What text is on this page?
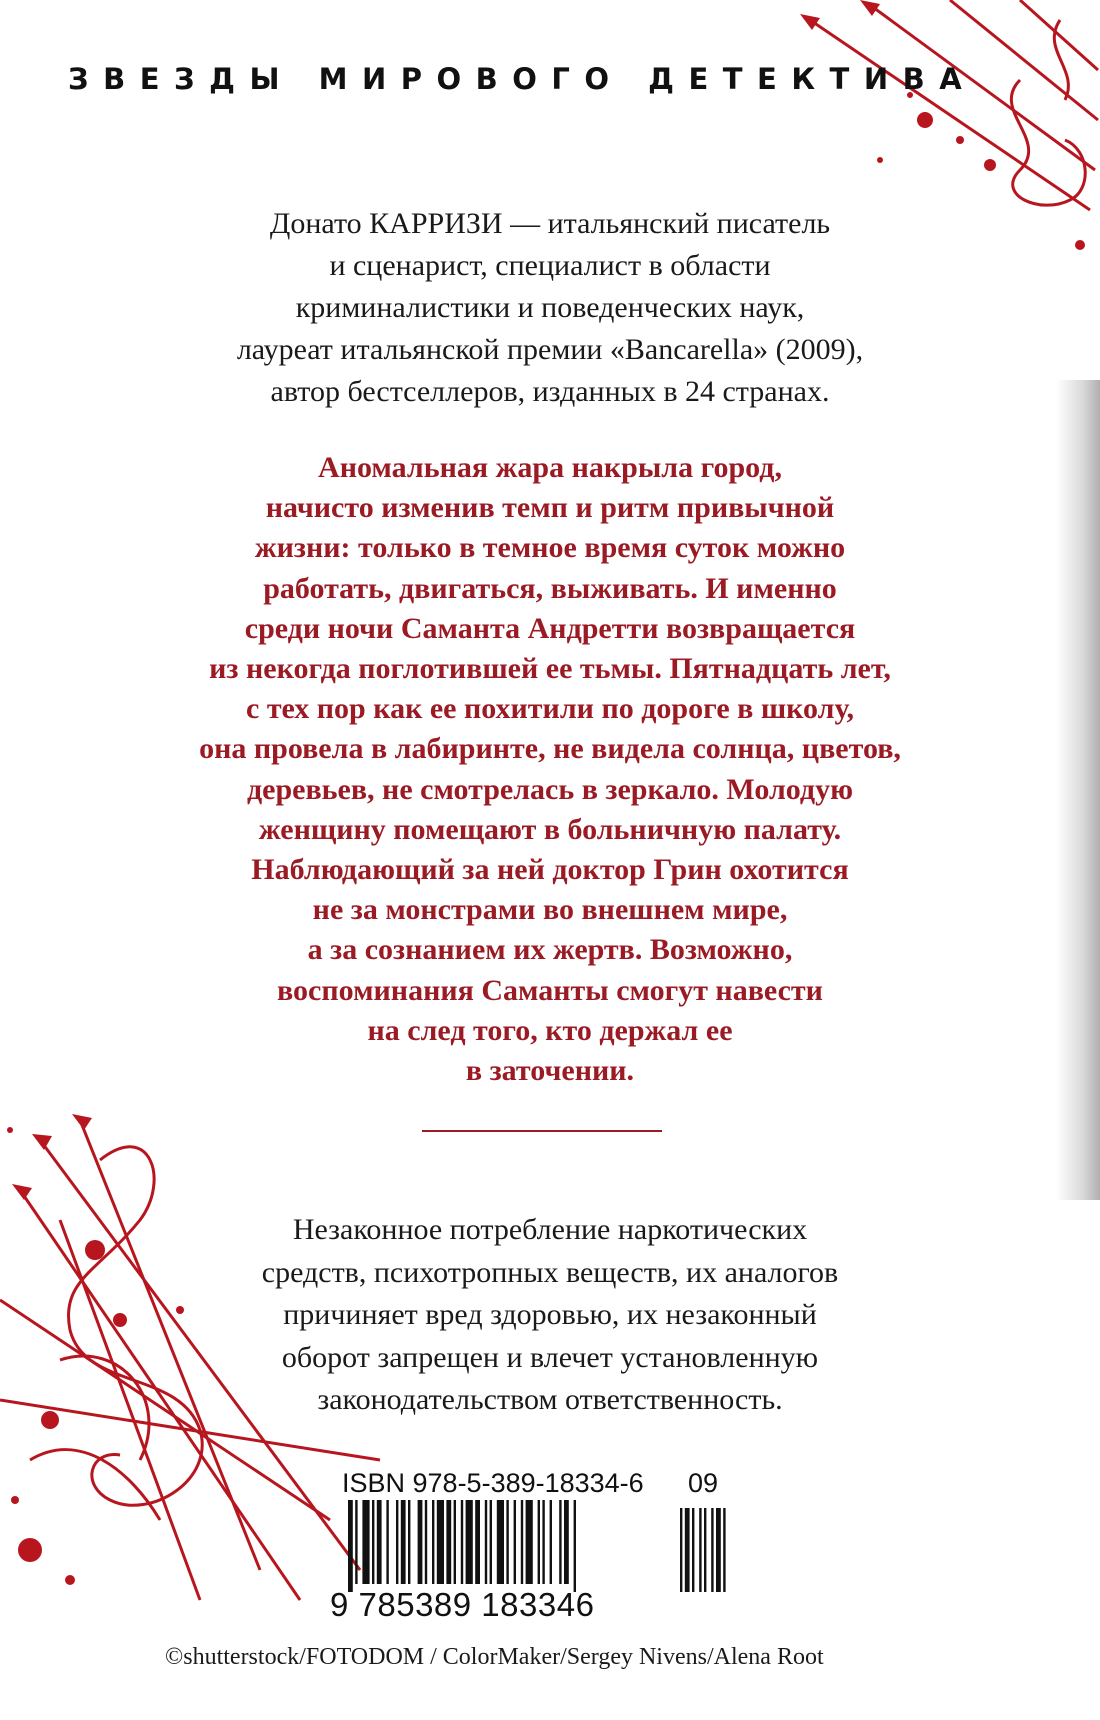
ЗВЕЗДЫ МИРОВОГО ДЕТЕКТИВА
Донато КАРРИЗИ — итальянский писатель
и сценарист, специалист в области
криминалистики и поведенческих наук,
лауреат итальянской премии «Bancarella» (2009),
автор бестселлеров, изданных в 24 странах.
Аномальная жара накрыла город,
начисто изменив темп и ритм привычной
жизни: только в темное время суток можно
работать, двигаться, выживать. И именно
среди ночи Саманта Андретти возвращается
из некогда поглотившей ее тьмы. Пятнадцать лет,
с тех пор как ее похитили по дороге в школу,
она провела в лабиринте, не видела солнца, цветов,
деревьев, не смотрелась в зеркало. Молодую
женщину помещают в больничную палату.
Наблюдающий за ней доктор Грин охотится
не за монстрами во внешнем мире,
а за сознанием их жертв. Возможно,
воспоминания Саманты смогут навести
на след того, кто держал ее
в заточении.
Незаконное потребление наркотических
средств, психотропных веществ, их аналогов
причиняет вред здоровью, их незаконный
оборот запрещен и влечет установленную
законодательством ответственность.
ISBN 978-5-389-18334-6 09
9 785389 183346
©shutterstock/FOTODOM / ColorMaker/Sergey Nivens/Alena Root
